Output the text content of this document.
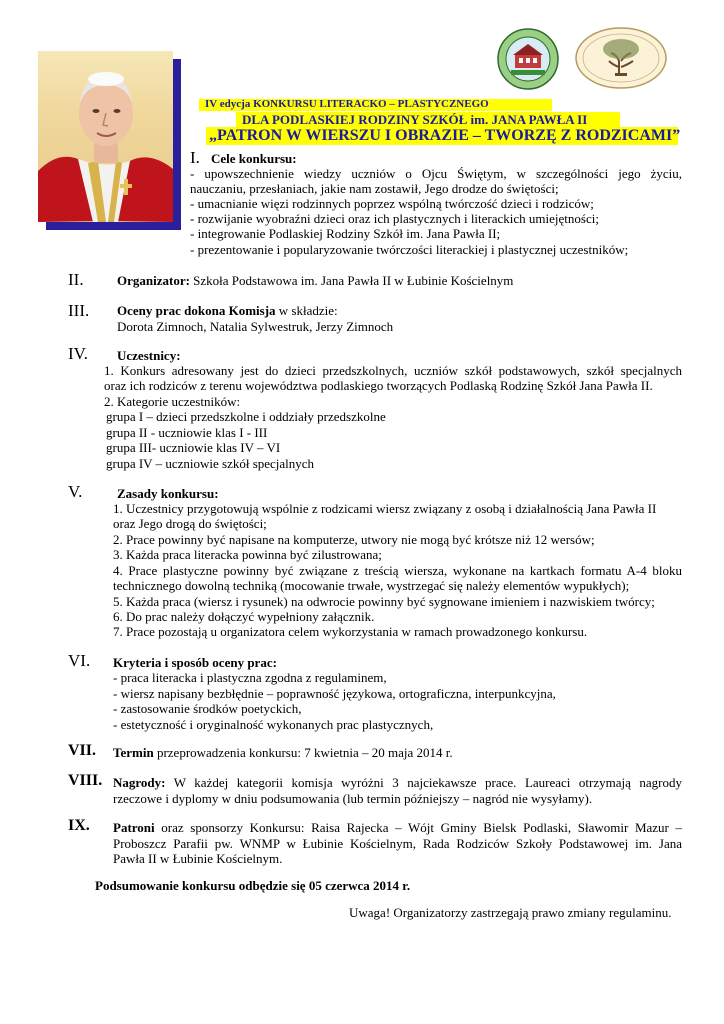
IV edycja KONKURSU LITERACKO – PLASTYCZNEGO
DLA PODLASKIEJ RODZINY SZKÓŁ im. JANA PAWŁA II
„PATRON W WIERSZU I OBRAZIE – TWORZĘ Z RODZICAMI”
I. Cele konkursu:
- upowszechnienie wiedzy uczniów o Ojcu Świętym, w szczególności jego życiu,
nauczaniu, przesłaniach, jakie nam zostawił, Jego drodze do świętości;
- umacnianie więzi rodzinnych poprzez wspólną twórczość dzieci i rodziców;
- rozwijanie wyobraźni dzieci oraz ich plastycznych i literackich umiejętności;
- integrowanie Podlaskiej Rodziny Szkół im. Jana Pawła II;
- prezentowanie i popularyzowanie twórczości literackiej i plastycznej uczestników;
II.	Organizator: Szkoła Podstawowa im. Jana Pawła II w Łubinie Kościelnym
III. Oceny prac dokona Komisja w składzie:
Dorota Zimnoch, Natalia Sylwestruk, Jerzy Zimnoch
IV. Uczestnicy:
1. Konkurs adresowany jest do dzieci przedszkolnych, uczniów szkół podstawowych, szkół specjalnych
oraz ich rodziców z terenu województwa podlaskiego tworzących Podlaską Rodzinę Szkół Jana Pawła II.
2. Kategorie uczestników:
grupa I – dzieci przedszkolne i oddziały przedszkolne
grupa II - uczniowie klas I - III
grupa III- uczniowie klas IV – VI
grupa IV – uczniowie szkół specjalnych
V.	Zasady konkursu:
1. Uczestnicy przygotowują wspólnie z rodzicami wiersz związany z osobą i działalnością Jana Pawła II
oraz Jego drogą do świętości;
2. Prace powinny być napisane na komputerze, utwory nie mogą być krótsze niż 12 wersów;
3. Każda praca literacka powinna być zilustrowana;
4. Prace plastyczne powinny być związane z treścią wiersza, wykonane na kartkach formatu A-4 bloku
technicznego dowolną techniką (mocowanie trwałe, wystrzegać się należy elementów wypukłych);
5. Każda praca (wiersz i rysunek) na odwrocie powinny być sygnowane imieniem i nazwiskiem twórcy;
6. Do prac należy dołączyć wypełniony załącznik.
7. Prace pozostają u organizatora celem wykorzystania w ramach prowadzonego konkursu.
VI. Kryteria i sposób oceny prac:
- praca literacka i plastyczna zgodna z regulaminem,
- wiersz napisany bezbłędnie – poprawność językowa, ortograficzna, interpunkcyjna,
- zastosowanie środków poetyckich,
- estetyczność i oryginalność wykonanych prac plastycznych,
VII. Termin przeprowadzenia konkursu: 7 kwietnia – 20 maja 2014 r.
VIII. Nagrody: W każdej kategorii komisja wyróżni 3 najciekawsze prace. Laureaci otrzymają nagrody
rzeczowe i dyplomy w dniu podsumowania (lub termin późniejszy – nagród nie wysyłamy).
IX. Patroni oraz sponsorzy Konkursu: Raisa Rajecka – Wójt Gminy Bielsk Podlaski, Sławomir Mazur –
Proboszcz Parafii pw. WNMP w Łubinie Kościelnym, Rada Rodziców Szkoły Podstawowej im. Jana
Pawła II w Łubinie Kościelnym.
Podsumowanie konkursu odbędzie się 05 czerwca 2014 r.
Uwaga! Organizatorzy zastrzegają prawo zmiany regulaminu.
